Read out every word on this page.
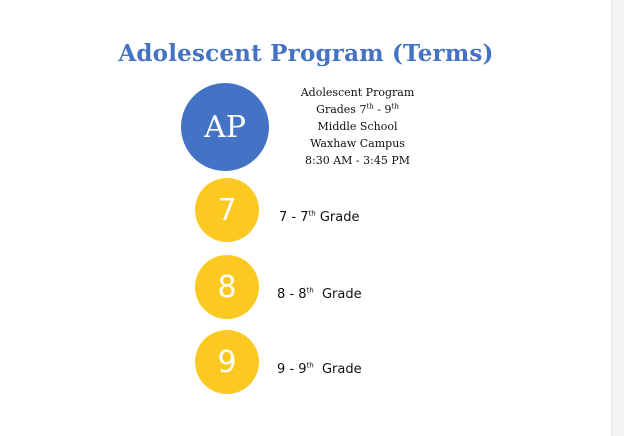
Adolescent Program (Terms)
AP
Adolescent Program
Grades 7th - 9th
Middle School
Waxhaw Campus
8:30 AM - 3:45 PM
7	7 - 7th Grade
8	8 - 8th  Grade
9	9 - 9th  Grade
